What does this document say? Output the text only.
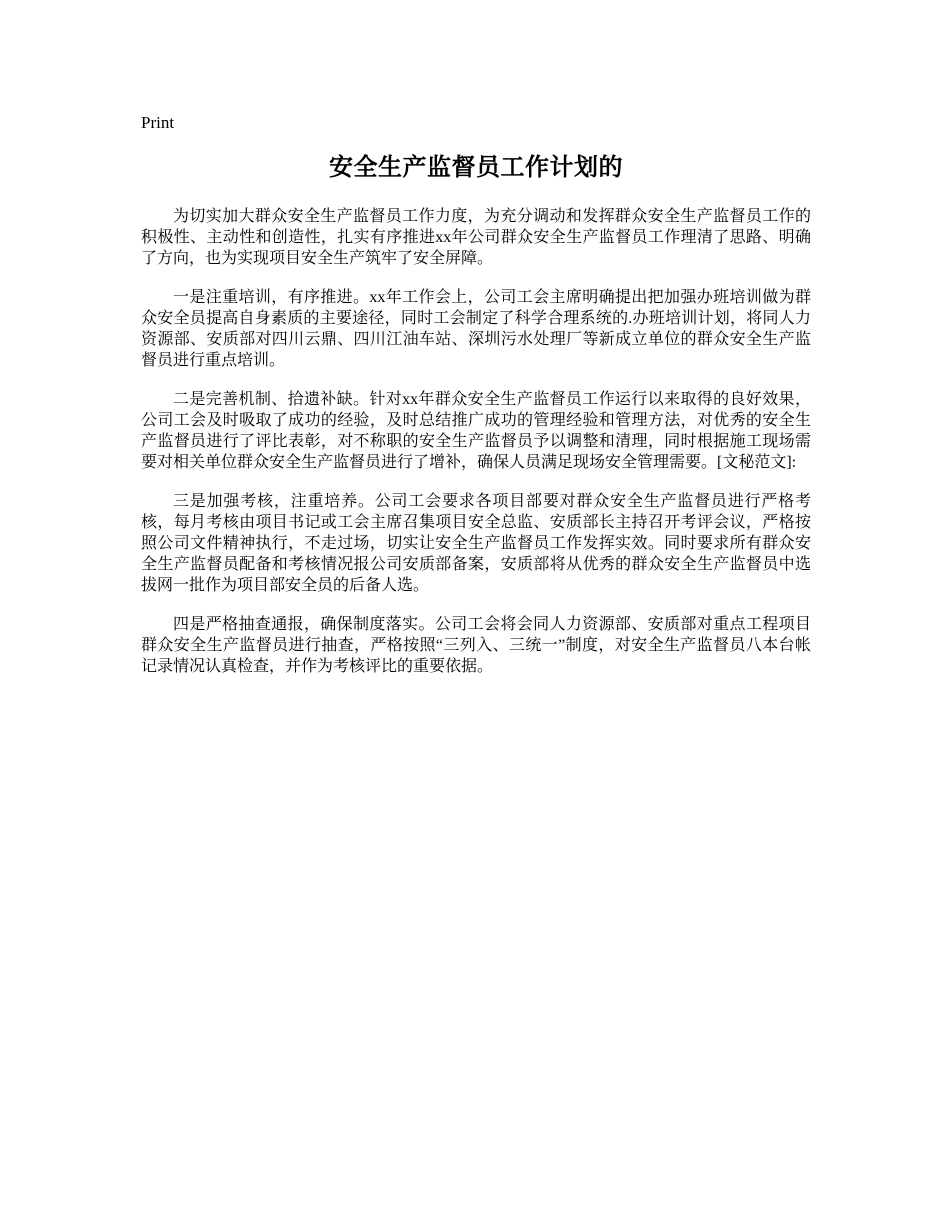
Print

安全生产监督员工作计划的

为切实加大群众安全生产监督员工作力度，为充分调动和发挥群众安全生产监督员工作的积极性、主动性和创造性，扎实有序推进xx年公司群众安全生产监督员工作理清了思路、明确了方向，也为实现项目安全生产筑牢了安全屏障。

一是注重培训，有序推进。xx年工作会上，公司工会主席明确提出把加强办班培训做为群众安全员提高自身素质的主要途径，同时工会制定了科学合理系统的.办班培训计划，将同人力资源部、安质部对四川云鼎、四川江油车站、深圳污水处理厂等新成立单位的群众安全生产监督员进行重点培训。

二是完善机制、拾遗补缺。针对xx年群众安全生产监督员工作运行以来取得的良好效果，公司工会及时吸取了成功的经验，及时总结推广成功的管理经验和管理方法，对优秀的安全生产监督员进行了评比表彰，对不称职的安全生产监督员予以调整和清理，同时根据施工现场需要对相关单位群众安全生产监督员进行了增补，确保人员满足现场安全管理需要。[文秘范文]:

三是加强考核，注重培养。公司工会要求各项目部要对群众安全生产监督员进行严格考核，每月考核由项目书记或工会主席召集项目安全总监、安质部长主持召开考评会议，严格按照公司文件精神执行，不走过场，切实让安全生产监督员工作发挥实效。同时要求所有群众安全生产监督员配备和考核情况报公司安质部备案，安质部将从优秀的群众安全生产监督员中选拔网一批作为项目部安全员的后备人选。

四是严格抽查通报，确保制度落实。公司工会将会同人力资源部、安质部对重点工程项目群众安全生产监督员进行抽查，严格按照“三列入、三统一”制度，对安全生产监督员八本台帐记录情况认真检查，并作为考核评比的重要依据。
